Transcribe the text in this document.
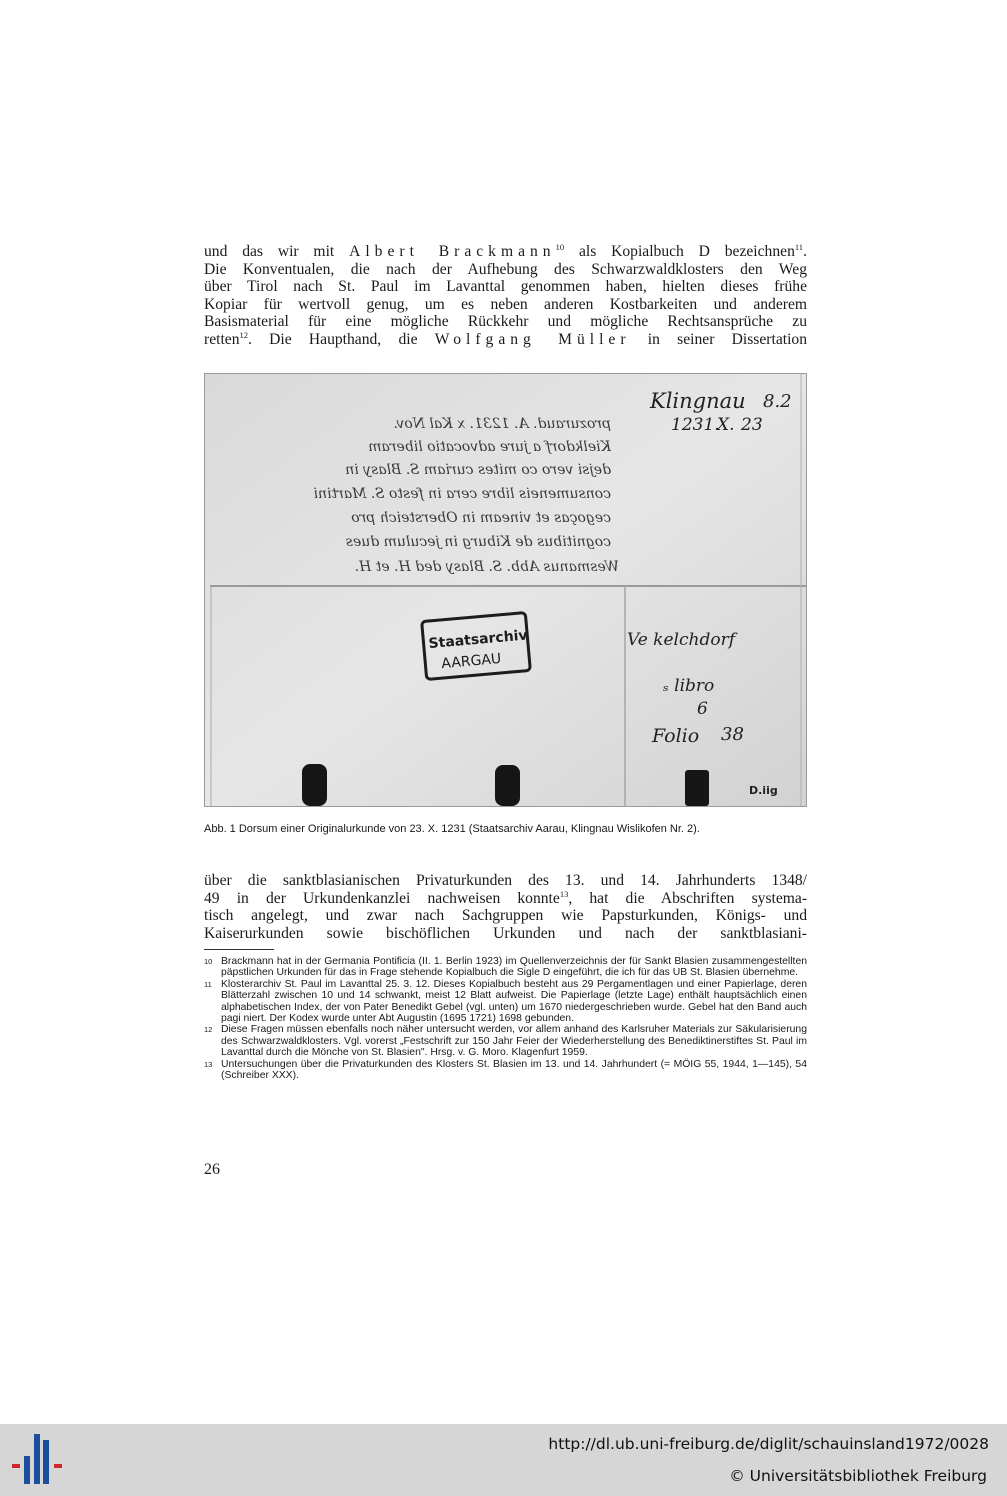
und das wir mit Albert Brackmann$^{10}$ als Kopialbuch D bezeichnen$^{11}$.
Die Konventualen, die nach der Aufhebung des Schwarzwaldklosters den Weg
über Tirol nach St. Paul im Lavanttal genommen haben, hielten dieses frühe
Kopiar für wertvoll genug, um es neben anderen Kostbarkeiten und anderem
Basismaterial für eine mögliche Rückkehr und mögliche Rechtsansprüche zu
retten$^{12}$. Die Haupthand, die Wolfgang Müller in seiner Dissertation

Wesmanus Abb. S. Blasy ded H. et H.
cognitibus de Kiburg in jeculum dues
cegoças et vineam in Obersteich pro
consumeneis libre cera in festo S. Martini
dejsi vero co mites curiam S. Blasy in
Kielkdorf a jure advocatio liberam
prozuraud. A. 1231. x Kal Nov.
Klingnau 8.2
1231.
X. 23
Ve kelchdorf
ₛ libro
6
Folio 38
D.iig
Staatsarchiv
AARGAU

Abb. 1 Dorsum einer Originalurkunde von 23. X. 1231 (Staatsarchiv Aarau, Klingnau Wislikofen Nr. 2).

über die sanktblasianischen Privaturkunden des 13. und 14. Jahrhunderts 1348/
49 in der Urkundenkanzlei nachweisen konnte$^{13}$, hat die Abschriften systema-
tisch angelegt, und zwar nach Sachgruppen wie Papsturkunden, Königs- und
Kaiserurkunden sowie bischöflichen Urkunden und nach der sanktblasiani-

10 Brackmann hat in der Germania Pontificia (II. 1. Berlin 1923) im Quellenverzeichnis der für Sankt Blasien zusammengestellten päpstlichen Urkunden für das in Frage stehende Kopialbuch die Sigle D eingeführt, die ich für das UB St. Blasien übernehme.
11 Klosterarchiv St. Paul im Lavanttal 25. 3. 12. Dieses Kopialbuch besteht aus 29 Pergamentlagen und einer Papierlage, deren Blätterzahl zwischen 10 und 14 schwankt, meist 12 Blatt aufweist. Die Papierlage (letzte Lage) enthält hauptsächlich einen alphabetischen Index, der von Pater Benedikt Gebel (vgl. unten) um 1670 niedergeschrieben wurde. Gebel hat den Band auch pagi niert. Der Kodex wurde unter Abt Augustin (1695 1721) 1698 gebunden.
12 Diese Fragen müssen ebenfalls noch näher untersucht werden, vor allem anhand des Karlsruher Materials zur Säkularisierung des Schwarzwaldklosters. Vgl. vorerst „Festschrift zur 150 Jahr Feier der Wiederherstellung des Benediktinerstiftes St. Paul im Lavanttal durch die Mönche von St. Blasien". Hrsg. v. G. Moro. Klagenfurt 1959.
13 Untersuchungen über die Privaturkunden des Klosters St. Blasien im 13. und 14. Jahrhundert (= MÖIG 55, 1944, 1—145), 54 (Schreiber XXX).
26
http://dl.ub.uni-freiburg.de/diglit/schauinsland1972/0028
© Universitätsbibliothek Freiburg
